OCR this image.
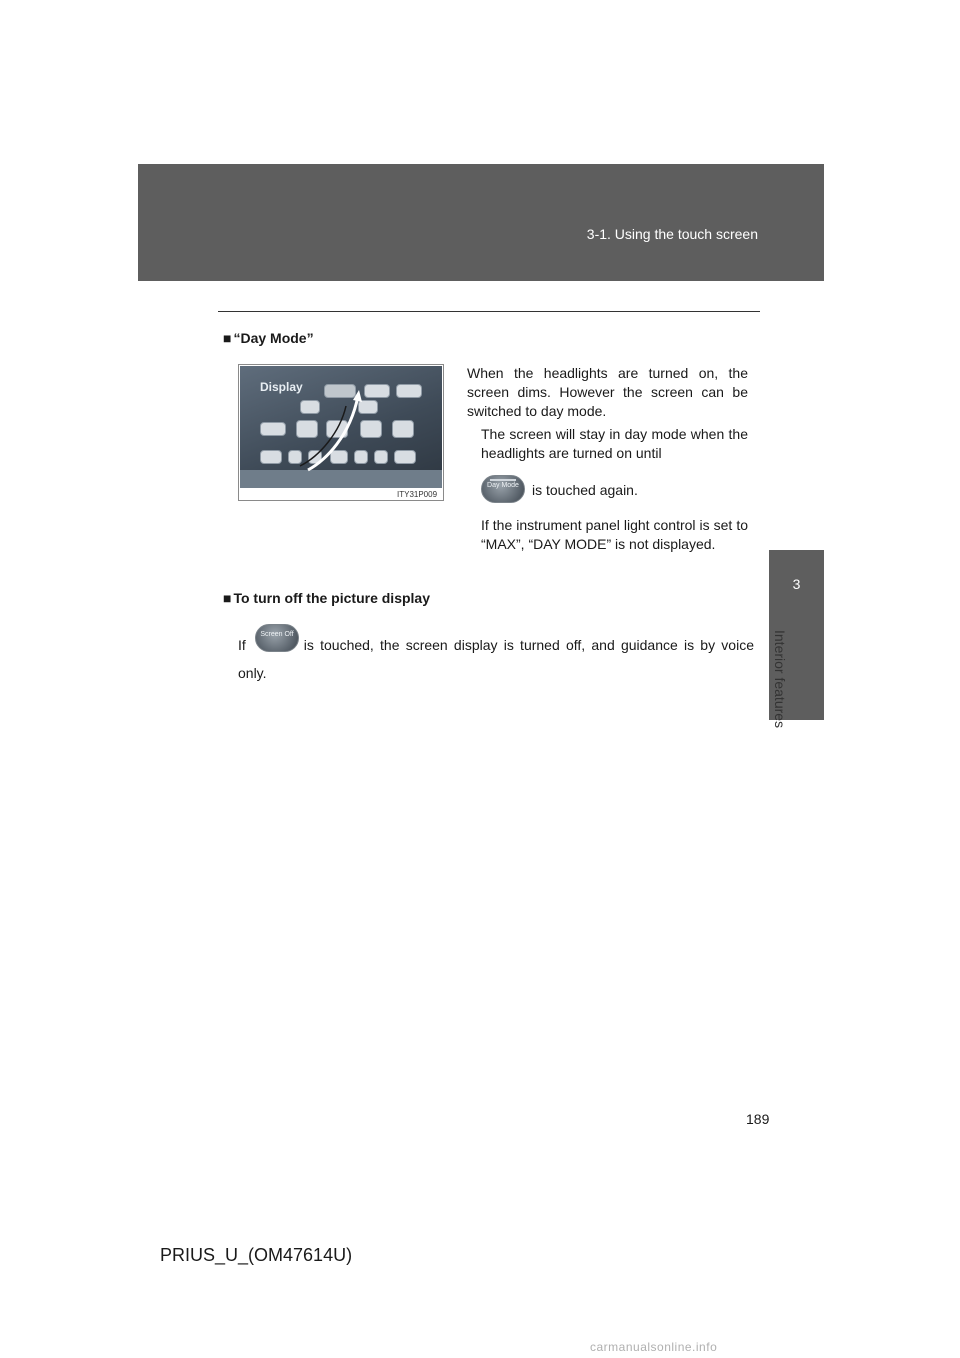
3-1. Using the touch screen
3
Interior features
■ “Day Mode”
Display
ITY31P009
When the headlights are turned on, the screen dims. However the screen can be switched to day mode.
The screen will stay in day mode when the headlights are turned on until
Day Mode is touched again.
If the instrument panel light control is set to “MAX”, “DAY MODE” is not displayed.
■ To turn off the picture display
If	is touched, the screen display is turned off, and guidance is by voice only.
Screen Off
189
PRIUS_U_(OM47614U)
carmanualsonline.info
